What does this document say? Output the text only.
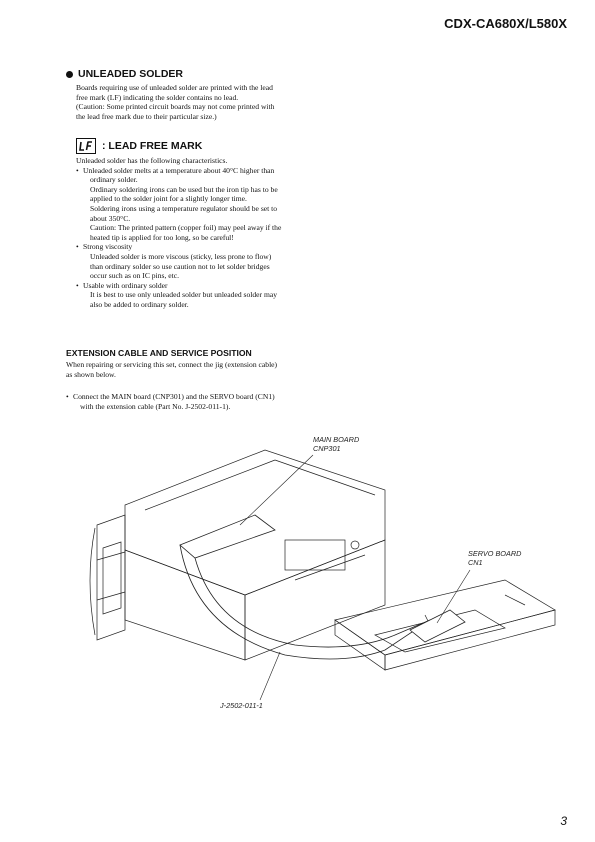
CDX-CA680X/L580X
UNLEADED SOLDER

Boards requiring use of unleaded solder are printed with the lead

free mark (LF) indicating the solder contains no lead.

(Caution: Some printed circuit boards may not come printed with

the lead free mark due to their particular size.)

: LEAD FREE MARK

Unleaded solder has the following characteristics.

• Unleaded solder melts at a temperature about 40°C higher than

ordinary solder.

Ordinary soldering irons can be used but the iron tip has to be

applied to the solder joint for a slightly longer time.

Soldering irons using a temperature regulator should be set to

about 350°C.

Caution: The printed pattern (copper foil) may peel away if the

heated tip is applied for too long, so be careful!

• Strong viscosity

Unleaded solder is more viscous (sticky, less prone to flow)

than ordinary solder so use caution not to let solder bridges

occur such as on IC pins, etc.

• Usable with ordinary solder

It is best to use only unleaded solder but unleaded solder may

also be added to ordinary solder.

EXTENSION CABLE AND SERVICE POSITION

When repairing or servicing this set, connect the jig (extension cable)

as shown below.

• Connect the MAIN board (CNP301) and the SERVO board (CN1)

with the extension cable (Part No. J-2502-011-1).

MAIN BOARD
CNP301
SERVO BOARD
CN1
J-2502-011-1
3
